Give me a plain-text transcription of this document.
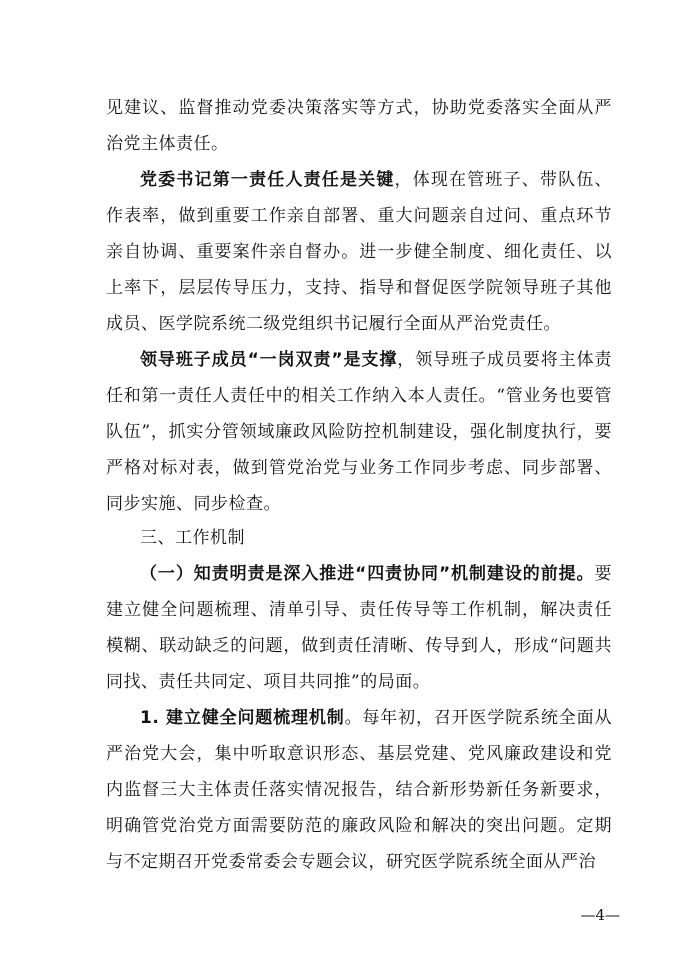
见建议、监督推动党委决策落实等方式，协助党委落实全面从严治党主体责任。

党委书记第一责任人责任是关键，体现在管班子、带队伍、作表率，做到重要工作亲自部署、重大问题亲自过问、重点环节亲自协调、重要案件亲自督办。进一步健全制度、细化责任、以上率下，层层传导压力，支持、指导和督促医学院领导班子其他成员、医学院系统二级党组织书记履行全面从严治党责任。

领导班子成员“一岗双责”是支撑，领导班子成员要将主体责任和第一责任人责任中的相关工作纳入本人责任。“管业务也要管队伍”，抓实分管领域廉政风险防控机制建设，强化制度执行，要严格对标对表，做到管党治党与业务工作同步考虑、同步部署、同步实施、同步检查。

三、工作机制

（一）知责明责是深入推进“四责协同”机制建设的前提。要建立健全问题梳理、清单引导、责任传导等工作机制，解决责任模糊、联动缺乏的问题，做到责任清晰、传导到人，形成“问题共同找、责任共同定、项目共同推”的局面。

1. 建立健全问题梳理机制。每年初，召开医学院系统全面从严治党大会，集中听取意识形态、基层党建、党风廉政建设和党内监督三大主体责任落实情况报告，结合新形势新任务新要求，明确管党治党方面需要防范的廉政风险和解决的突出问题。定期与不定期召开党委常委会专题会议，研究医学院系统全面从严治

—4—
